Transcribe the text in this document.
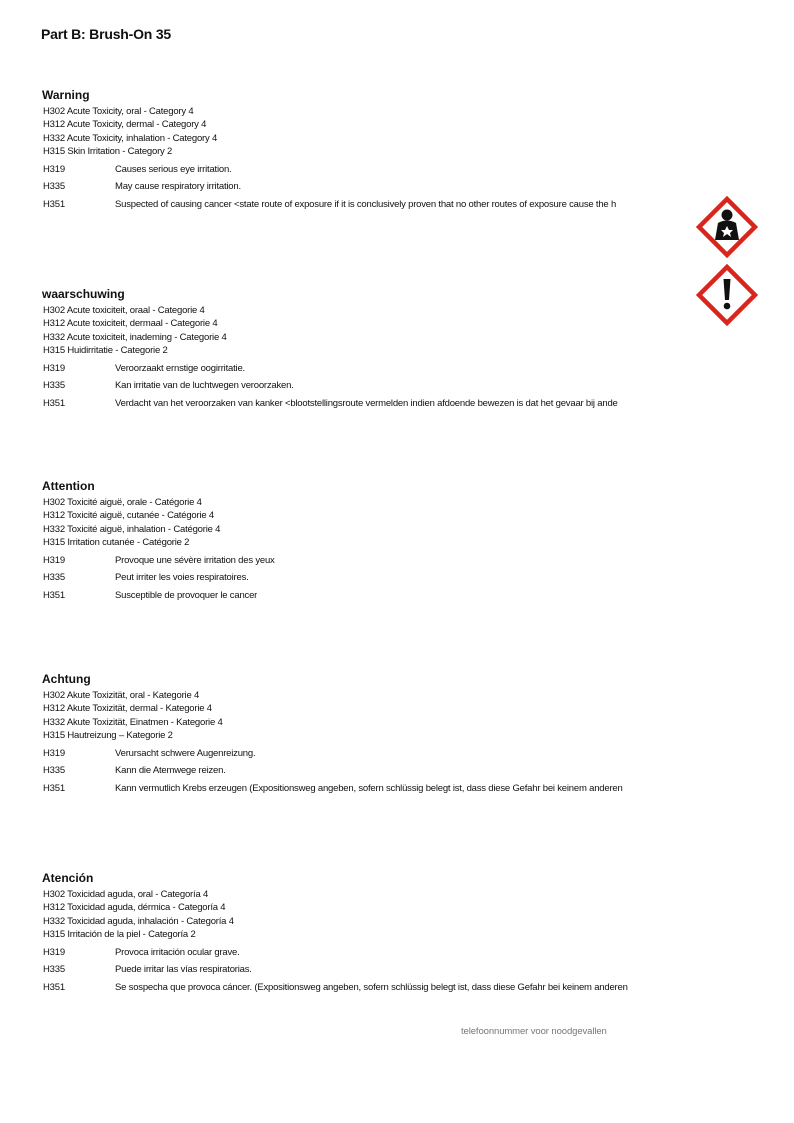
Part B: Brush-On 35
Warning
H302 Acute Toxicity, oral - Category 4
H312 Acute Toxicity, dermal - Category 4
H332 Acute Toxicity, inhalation - Category 4
H315 Skin Irritation - Category 2
H319	Causes serious eye irritation.
H335	May cause respiratory irritation.
H351	Suspected of causing cancer <state route of exposure if it is conclusively proven that no other routes of exposure cause the h
waarschuwing
H302 Acute toxiciteit, oraal - Categorie 4
H312 Acute toxiciteit, dermaal - Categorie 4
H332 Acute toxiciteit, inademing - Categorie 4
H315 Huidirritatie - Categorie 2
H319	Veroorzaakt ernstige oogirritatie.
H335	Kan irritatie van de luchtwegen veroorzaken.
H351	Verdacht van het veroorzaken van kanker <blootstellingsroute vermelden indien afdoende bewezen is dat het gevaar bij ande
Attention
H302 Toxicité aiguë, orale - Catégorie 4
H312 Toxicité aiguë, cutanée - Catégorie 4
H332 Toxicité aiguë, inhalation - Catégorie 4
H315 Irritation cutanée - Catégorie 2
H319	Provoque une sévère irritation des yeux
H335	Peut irriter les voies respiratoires.
H351	Susceptible de provoquer le cancer
Achtung
H302 Akute Toxizität, oral - Kategorie 4
H312 Akute Toxizität, dermal - Kategorie 4
H332 Akute Toxizität, Einatmen - Kategorie 4
H315 Hautreizung – Kategorie 2
H319	Verursacht schwere Augenreizung.
H335	Kann die Atemwege reizen.
H351	Kann vermutlich Krebs erzeugen (Expositionsweg angeben, sofern schlüssig belegt ist, dass diese Gefahr bei keinem anderen
Atención
H302 Toxicidad aguda, oral - Categoría 4
H312 Toxicidad aguda, dérmica - Categoría 4
H332 Toxicidad aguda, inhalación - Categoría 4
H315 Irritación de la piel - Categoría 2
H319	Provoca irritación ocular grave.
H335	Puede irritar las vías respiratorias.
H351	Se sospecha que provoca cáncer. (Expositionsweg angeben, sofern schlüssig belegt ist, dass diese Gefahr bei keinem anderen
telefoonnummer voor noodgevallen
